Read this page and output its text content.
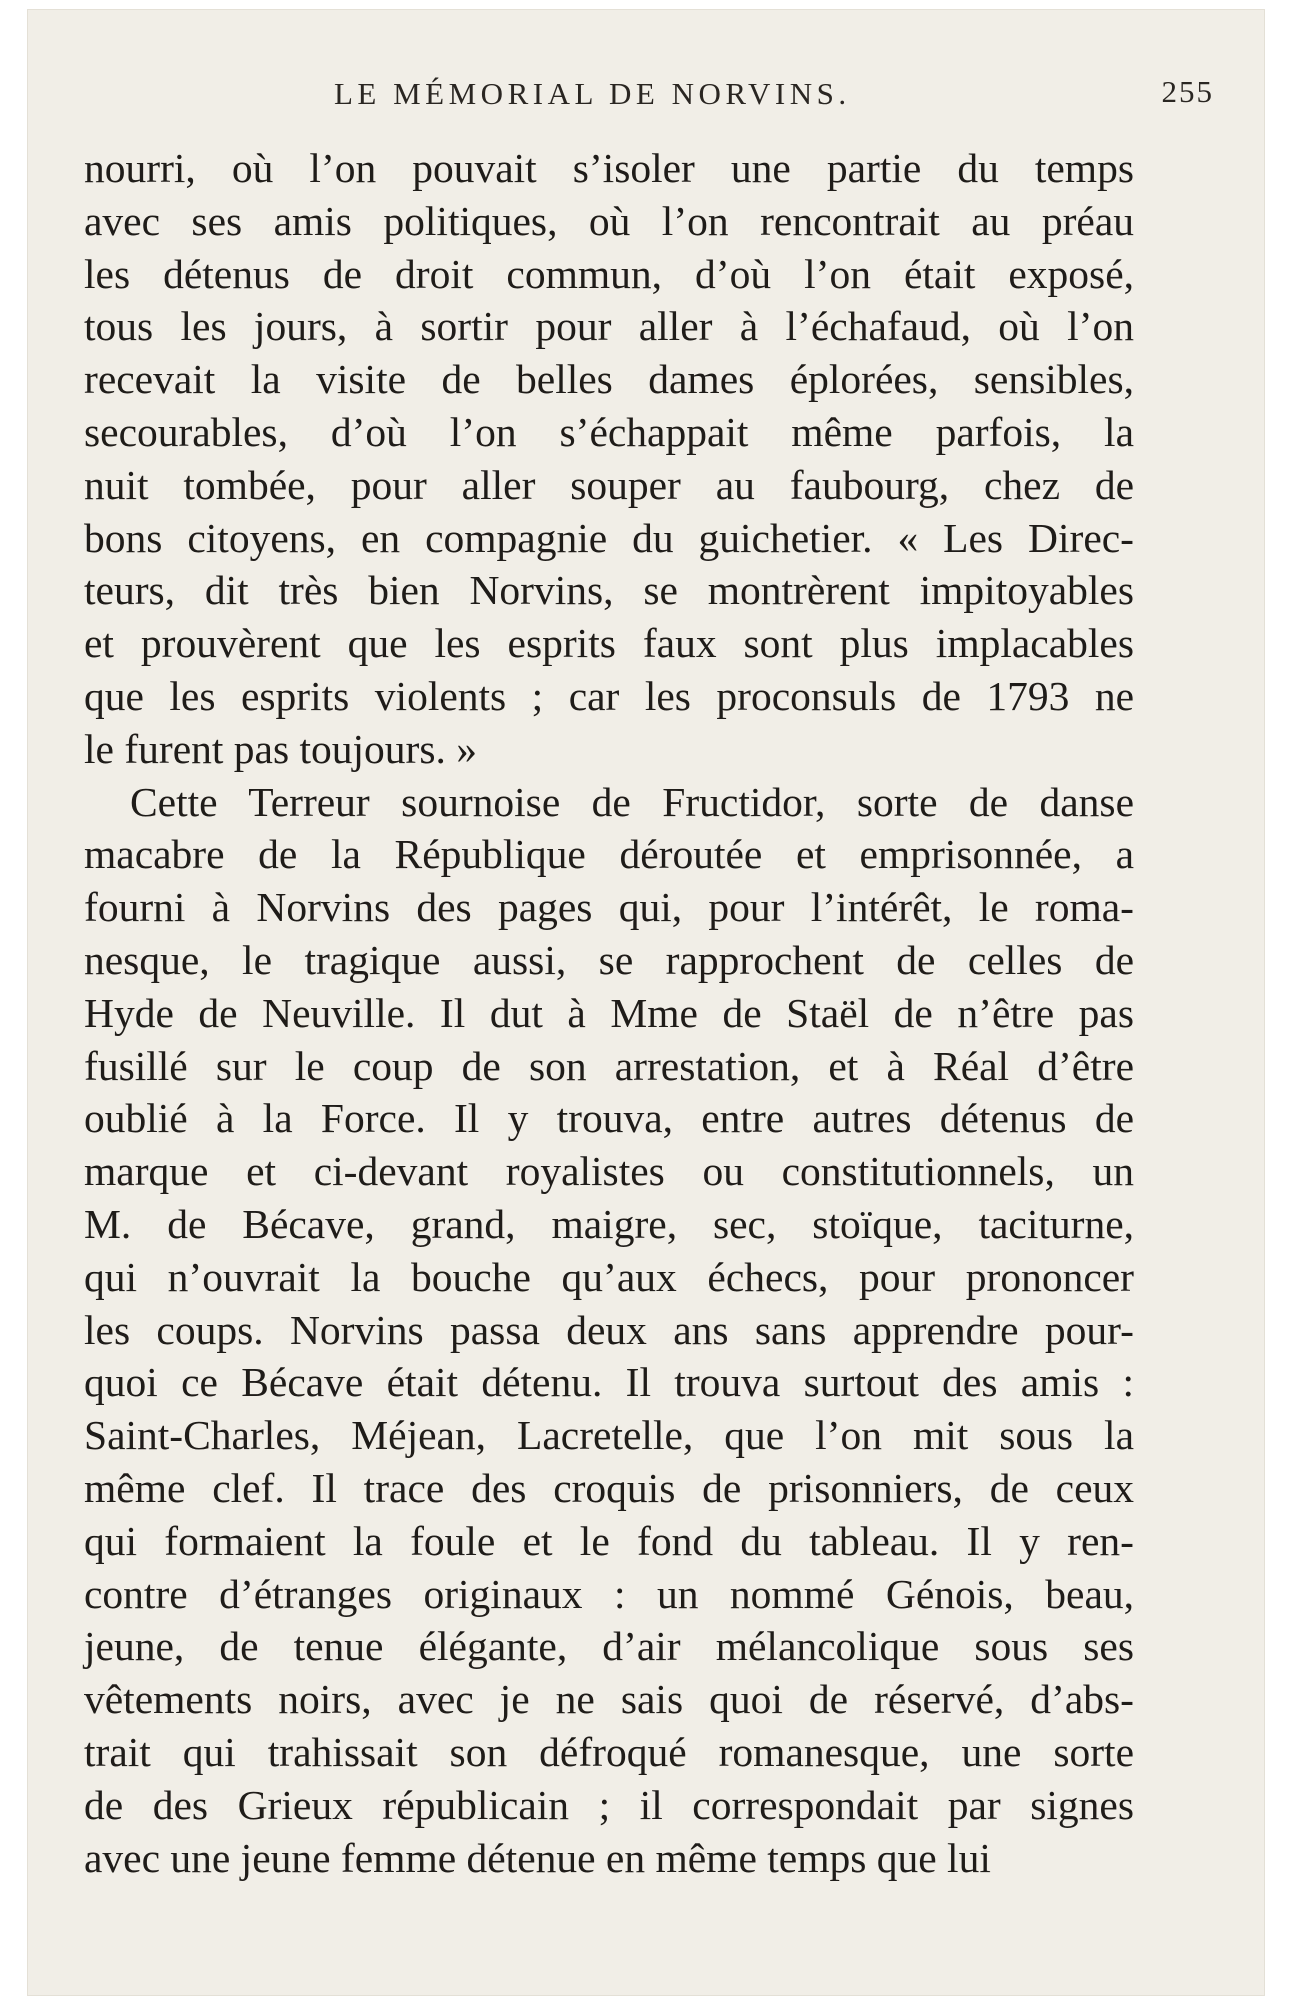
LE MÉMORIAL DE NORVINS.	255
nourri, où l’on pouvait s’isoler une partie du temps
avec ses amis politiques, où l’on rencontrait au préau
les détenus de droit commun, d’où l’on était exposé,
tous les jours, à sortir pour aller à l’échafaud, où l’on
recevait la visite de belles dames éplorées, sensibles,
secourables, d’où l’on s’échappait même parfois, la
nuit tombée, pour aller souper au faubourg, chez de
bons citoyens, en compagnie du guichetier. « Les Direc-
teurs, dit très bien Norvins, se montrèrent impitoyables
et prouvèrent que les esprits faux sont plus implacables
que les esprits violents ; car les proconsuls de 1793 ne
le furent pas toujours. »
Cette Terreur sournoise de Fructidor, sorte de danse
macabre de la République déroutée et emprisonnée, a
fourni à Norvins des pages qui, pour l’intérêt, le roma-
nesque, le tragique aussi, se rapprochent de celles de
Hyde de Neuville. Il dut à Mme de Staël de n’être pas
fusillé sur le coup de son arrestation, et à Réal d’être
oublié à la Force. Il y trouva, entre autres détenus de
marque et ci-devant royalistes ou constitutionnels, un
M. de Bécave, grand, maigre, sec, stoïque, taciturne,
qui n’ouvrait la bouche qu’aux échecs, pour prononcer
les coups. Norvins passa deux ans sans apprendre pour-
quoi ce Bécave était détenu. Il trouva surtout des amis :
Saint-Charles, Méjean, Lacretelle, que l’on mit sous la
même clef. Il trace des croquis de prisonniers, de ceux
qui formaient la foule et le fond du tableau. Il y ren-
contre d’étranges originaux : un nommé Génois, beau,
jeune, de tenue élégante, d’air mélancolique sous ses
vêtements noirs, avec je ne sais quoi de réservé, d’abs-
trait qui trahissait son défroqué romanesque, une sorte
de des Grieux républicain ; il correspondait par signes
avec une jeune femme détenue en même temps que lui
